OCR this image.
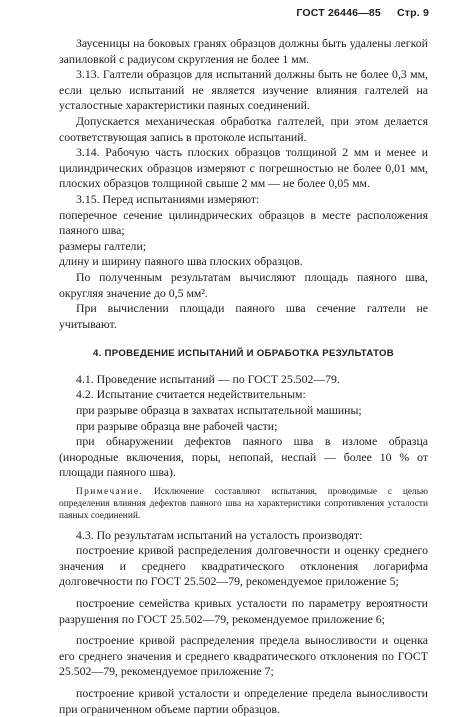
ГОСТ 26446—85 Стр. 9

Заусеницы на боковых гранях образцов должны быть удалены легкой запиловкой с радиусом скругления не более 1 мм.

3.13. Галтели образцов для испытаний должны быть не более 0,3 мм, если целью испытаний не является изучение влияния галтелей на усталостные характеристики паяных соединений.

Допускается механическая обработка галтелей, при этом делается соответствующая запись в протоколе испытаний.

3.14. Рабочую часть плоских образцов толщиной 2 мм и менее и цилиндрических образцов измеряют с погрешностью не более 0,01 мм, плоских образцов толщиной свыше 2 мм — не более 0,05 мм.

3.15. Перед испытаниями измеряют:

поперечное сечение цилиндрических образцов в месте расположения паяного шва;

размеры галтели;

длину и ширину паяного шва плоских образцов.

По полученным результатам вычисляют площадь паяного шва, округляя значение до 0,5 мм².

При вычислении площади паяного шва сечение галтели не учитывают.

4. ПРОВЕДЕНИЕ ИСПЫТАНИЙ И ОБРАБОТКА РЕЗУЛЬТАТОВ

4.1. Проведение испытаний — по ГОСТ 25.502—79.

4.2. Испытание считается недействительным:

при разрыве образца в захватах испытательной машины;

при разрыве образца вне рабочей части;

при обнаружении дефектов паяного шва в изломе образца (инородные включения, поры, непопай, неспай — более 10 % от площади паяного шва).

Примечание. Исключение составляют испытания, проводимые с целью определения влияния дефектов паяного шва на характеристики сопротивления усталости паяных соединений.

4.3. По результатам испытаний на усталость производят:

построение кривой распределения долговечности и оценку среднего значения и среднего квадратического отклонения логарифма долговечности по ГОСТ 25.502—79, рекомендуемое приложение 5;

построение семейства кривых усталости по параметру вероятности разрушения по ГОСТ 25.502—79, рекомендуемое приложение 6;

построение кривой распределения предела выносливости и оценка его среднего значения и среднего квадратического отклонения по ГОСТ 25.502—79, рекомендуемое приложение 7;

построение кривой усталости и определение предела выносливости при ограниченном объеме партии образцов.
